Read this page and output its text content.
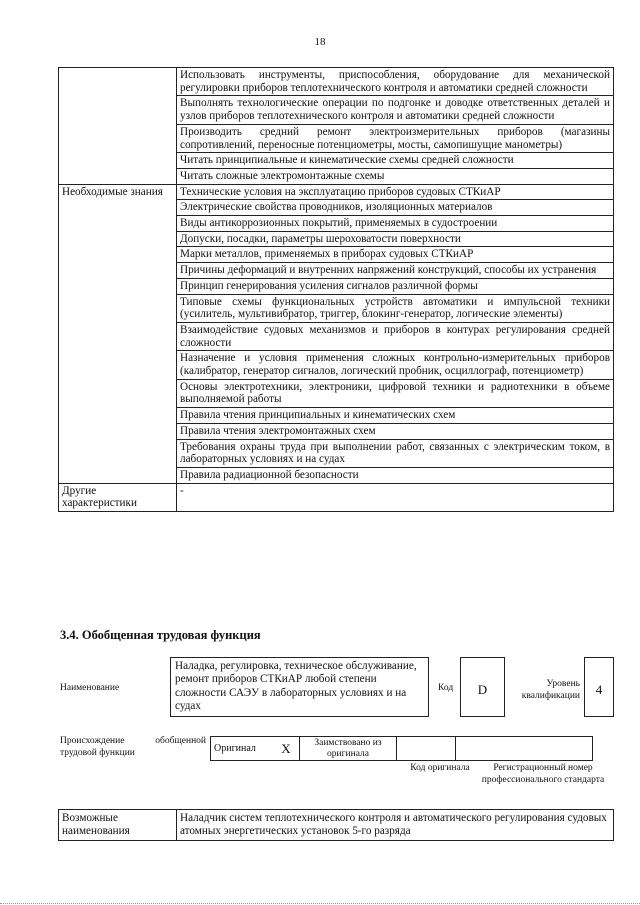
18
	Использовать инструменты, приспособления, оборудование для механической регулировки приборов теплотехнического контроля и автоматики средней сложности
	Выполнять технологические операции по подгонке и доводке ответственных деталей и узлов приборов теплотехнического контроля и автоматики средней сложности
	Производить средний ремонт электроизмерительных приборов (магазины сопротивлений, переносные потенциометры, мосты, самопишущие манометры)
	Читать принципиальные и кинематические схемы средней сложности
	Читать сложные электромонтажные схемы
Необходимые знания	Технические условия на эксплуатацию приборов судовых СТКиАР
	Электрические свойства проводников, изоляционных материалов
	Виды антикоррозионных покрытий, применяемых в судостроении
	Допуски, посадки, параметры шероховатости поверхности
	Марки металлов, применяемых в приборах судовых СТКиАР
	Причины деформаций и внутренних напряжений конструкций, способы их устранения
	Принцип генерирования усиления сигналов различной формы
	Типовые схемы функциональных устройств автоматики и импульсной техники (усилитель, мультивибратор, триггер, блокинг-генератор, логические элементы)
	Взаимодействие судовых механизмов и приборов в контурах регулирования средней сложности
	Назначение и условия применения сложных контрольно-измерительных приборов (калибратор, генератор сигналов, логический пробник, осциллограф, потенциометр)
	Основы электротехники, электроники, цифровой техники и радиотехники в объеме выполняемой работы
	Правила чтения принципиальных и кинематических схем
	Правила чтения электромонтажных схем
	Требования охраны труда при выполнении работ, связанных с электрическим током, в лабораторных условиях и на судах
	Правила радиационной безопасности
Другие характеристики	-
3.4. Обобщенная трудовая функция
Наименование
Наладка, регулировка, техническое обслуживание, ремонт приборов СТКиАР любой степени сложности САЭУ в лабораторных условиях и на судах
Код	D	Уровень квалификации	4
Происхождение обобщенной трудовой функции	Оригинал	X	Заимствовано из оригинала		
Код оригинала	Регистрационный номер профессионального стандарта
Возможные наименования	Наладчик систем теплотехнического контроля и автоматического регулирования судовых атомных энергетических установок 5-го разряда
